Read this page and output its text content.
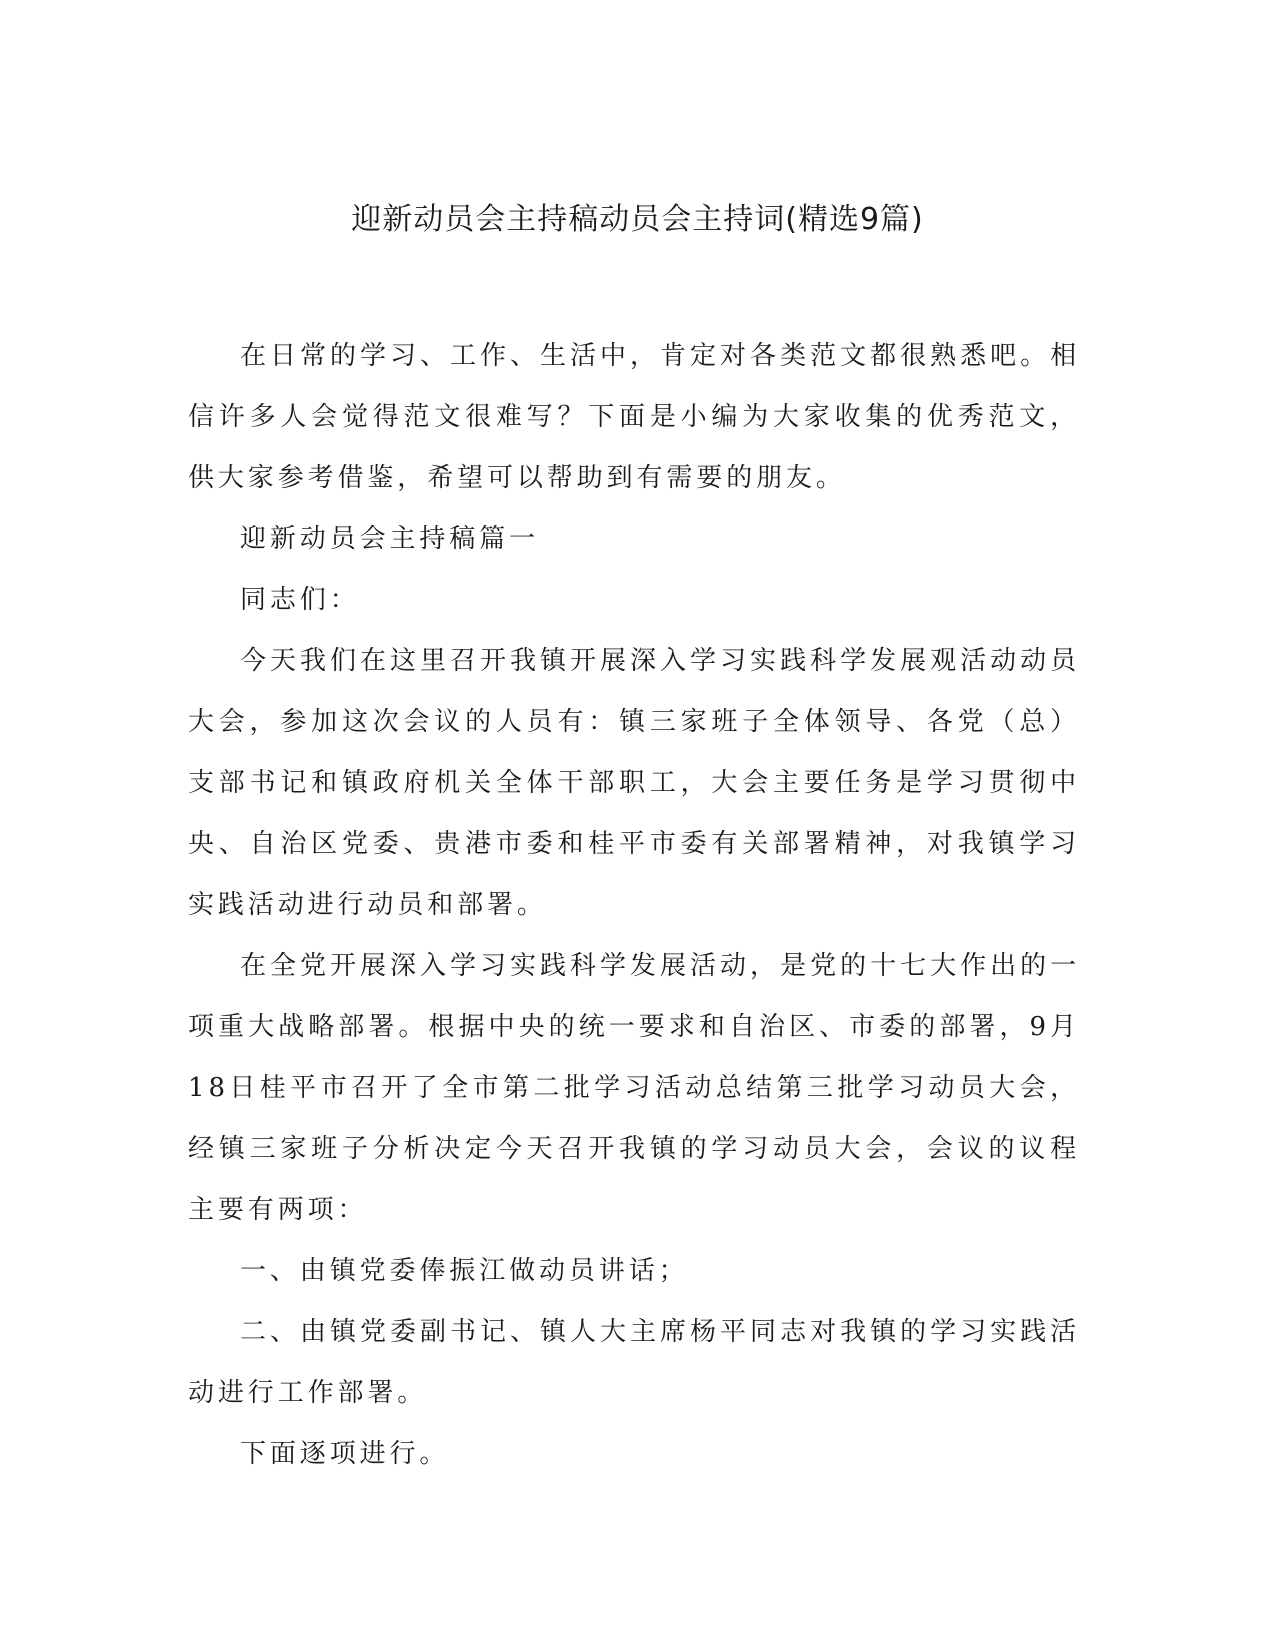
迎新动员会主持稿动员会主持词(精选9篇)

在日常的学习、工作、生活中，肯定对各类范文都很熟悉吧。相信许多人会觉得范文很难写？下面是小编为大家收集的优秀范文，供大家参考借鉴，希望可以帮助到有需要的朋友。

迎新动员会主持稿篇一

同志们：

今天我们在这里召开我镇开展深入学习实践科学发展观活动动员大会，参加这次会议的人员有：镇三家班子全体领导、各党（总）支部书记和镇政府机关全体干部职工，大会主要任务是学习贯彻中央、自治区党委、贵港市委和桂平市委有关部署精神，对我镇学习实践活动进行动员和部署。

在全党开展深入学习实践科学发展活动，是党的十七大作出的一项重大战略部署。根据中央的统一要求和自治区、市委的部署，9月18日桂平市召开了全市第二批学习活动总结第三批学习动员大会，经镇三家班子分析决定今天召开我镇的学习动员大会，会议的议程主要有两项：

一、由镇党委俸振江做动员讲话；

二、由镇党委副书记、镇人大主席杨平同志对我镇的学习实践活动进行工作部署。

下面逐项进行。
